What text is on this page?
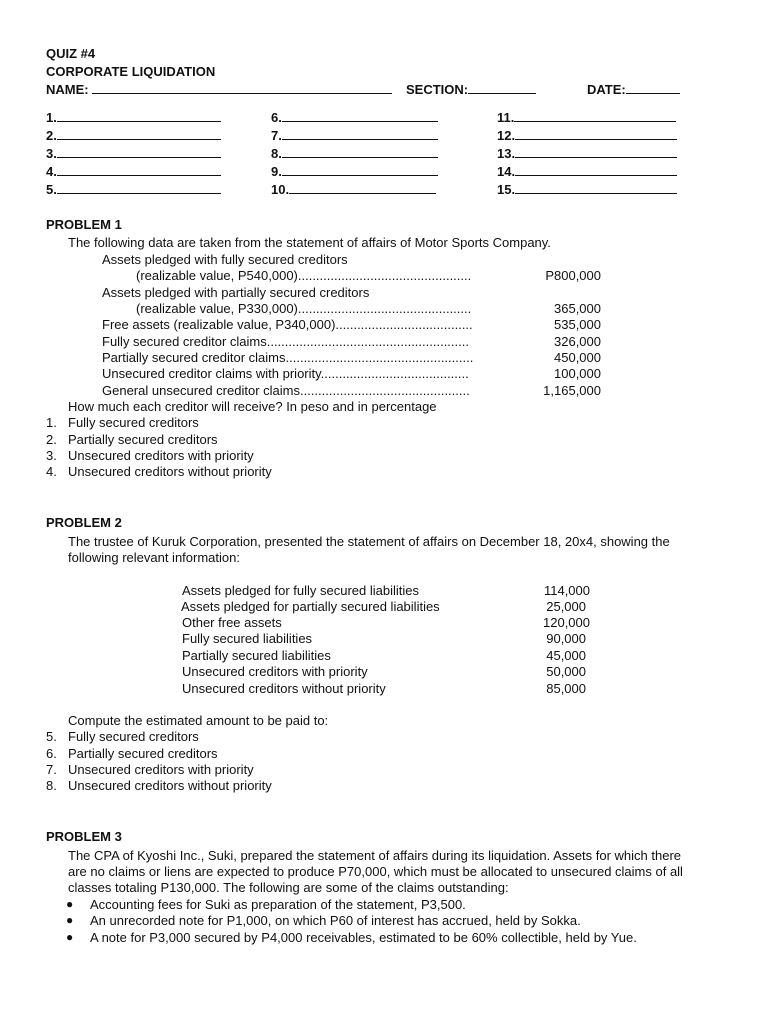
QUIZ #4
CORPORATE LIQUIDATION
NAME:	SECTION:	DATE:
1.
2.
3.
4.
5.
6.
7.
8.
9.
10.
11.
12.
13.
14.
15.
PROBLEM 1
The following data are taken from the statement of affairs of Motor Sports Company.
Assets pledged with fully secured creditors
(realizable value, P540,000)................................................	P800,000
Assets pledged with partially secured creditors
(realizable value, P330,000)................................................	365,000
Free assets (realizable value, P340,000)......................................	535,000
Fully secured creditor claims........................................................	326,000
Partially secured creditor claims....................................................	450,000
Unsecured creditor claims with priority.........................................	100,000
General unsecured creditor claims...............................................	1,165,000
How much each creditor will receive? In peso and in percentage
1. Fully secured creditors
2. Partially secured creditors
3. Unsecured creditors with priority
4. Unsecured creditors without priority
PROBLEM 2
The trustee of Kuruk Corporation, presented the statement of affairs on December 18, 20x4, showing the
following relevant information:
Assets pledged for fully secured liabilities	114,000
Assets pledged for partially secured liabilities	25,000
Other free assets	120,000
Fully secured liabilities	90,000
Partially secured liabilities	45,000
Unsecured creditors with priority	50,000
Unsecured creditors without priority	85,000
Compute the estimated amount to be paid to:
5. Fully secured creditors
6. Partially secured creditors
7. Unsecured creditors with priority
8. Unsecured creditors without priority
PROBLEM 3
The CPA of Kyoshi Inc., Suki, prepared the statement of affairs during its liquidation. Assets for which there
are no claims or liens are expected to produce P70,000, which must be allocated to unsecured claims of all
classes totaling P130,000. The following are some of the claims outstanding:
● Accounting fees for Suki as preparation of the statement, P3,500.
● An unrecorded note for P1,000, on which P60 of interest has accrued, held by Sokka.
● A note for P3,000 secured by P4,000 receivables, estimated to be 60% collectible, held by Yue.
